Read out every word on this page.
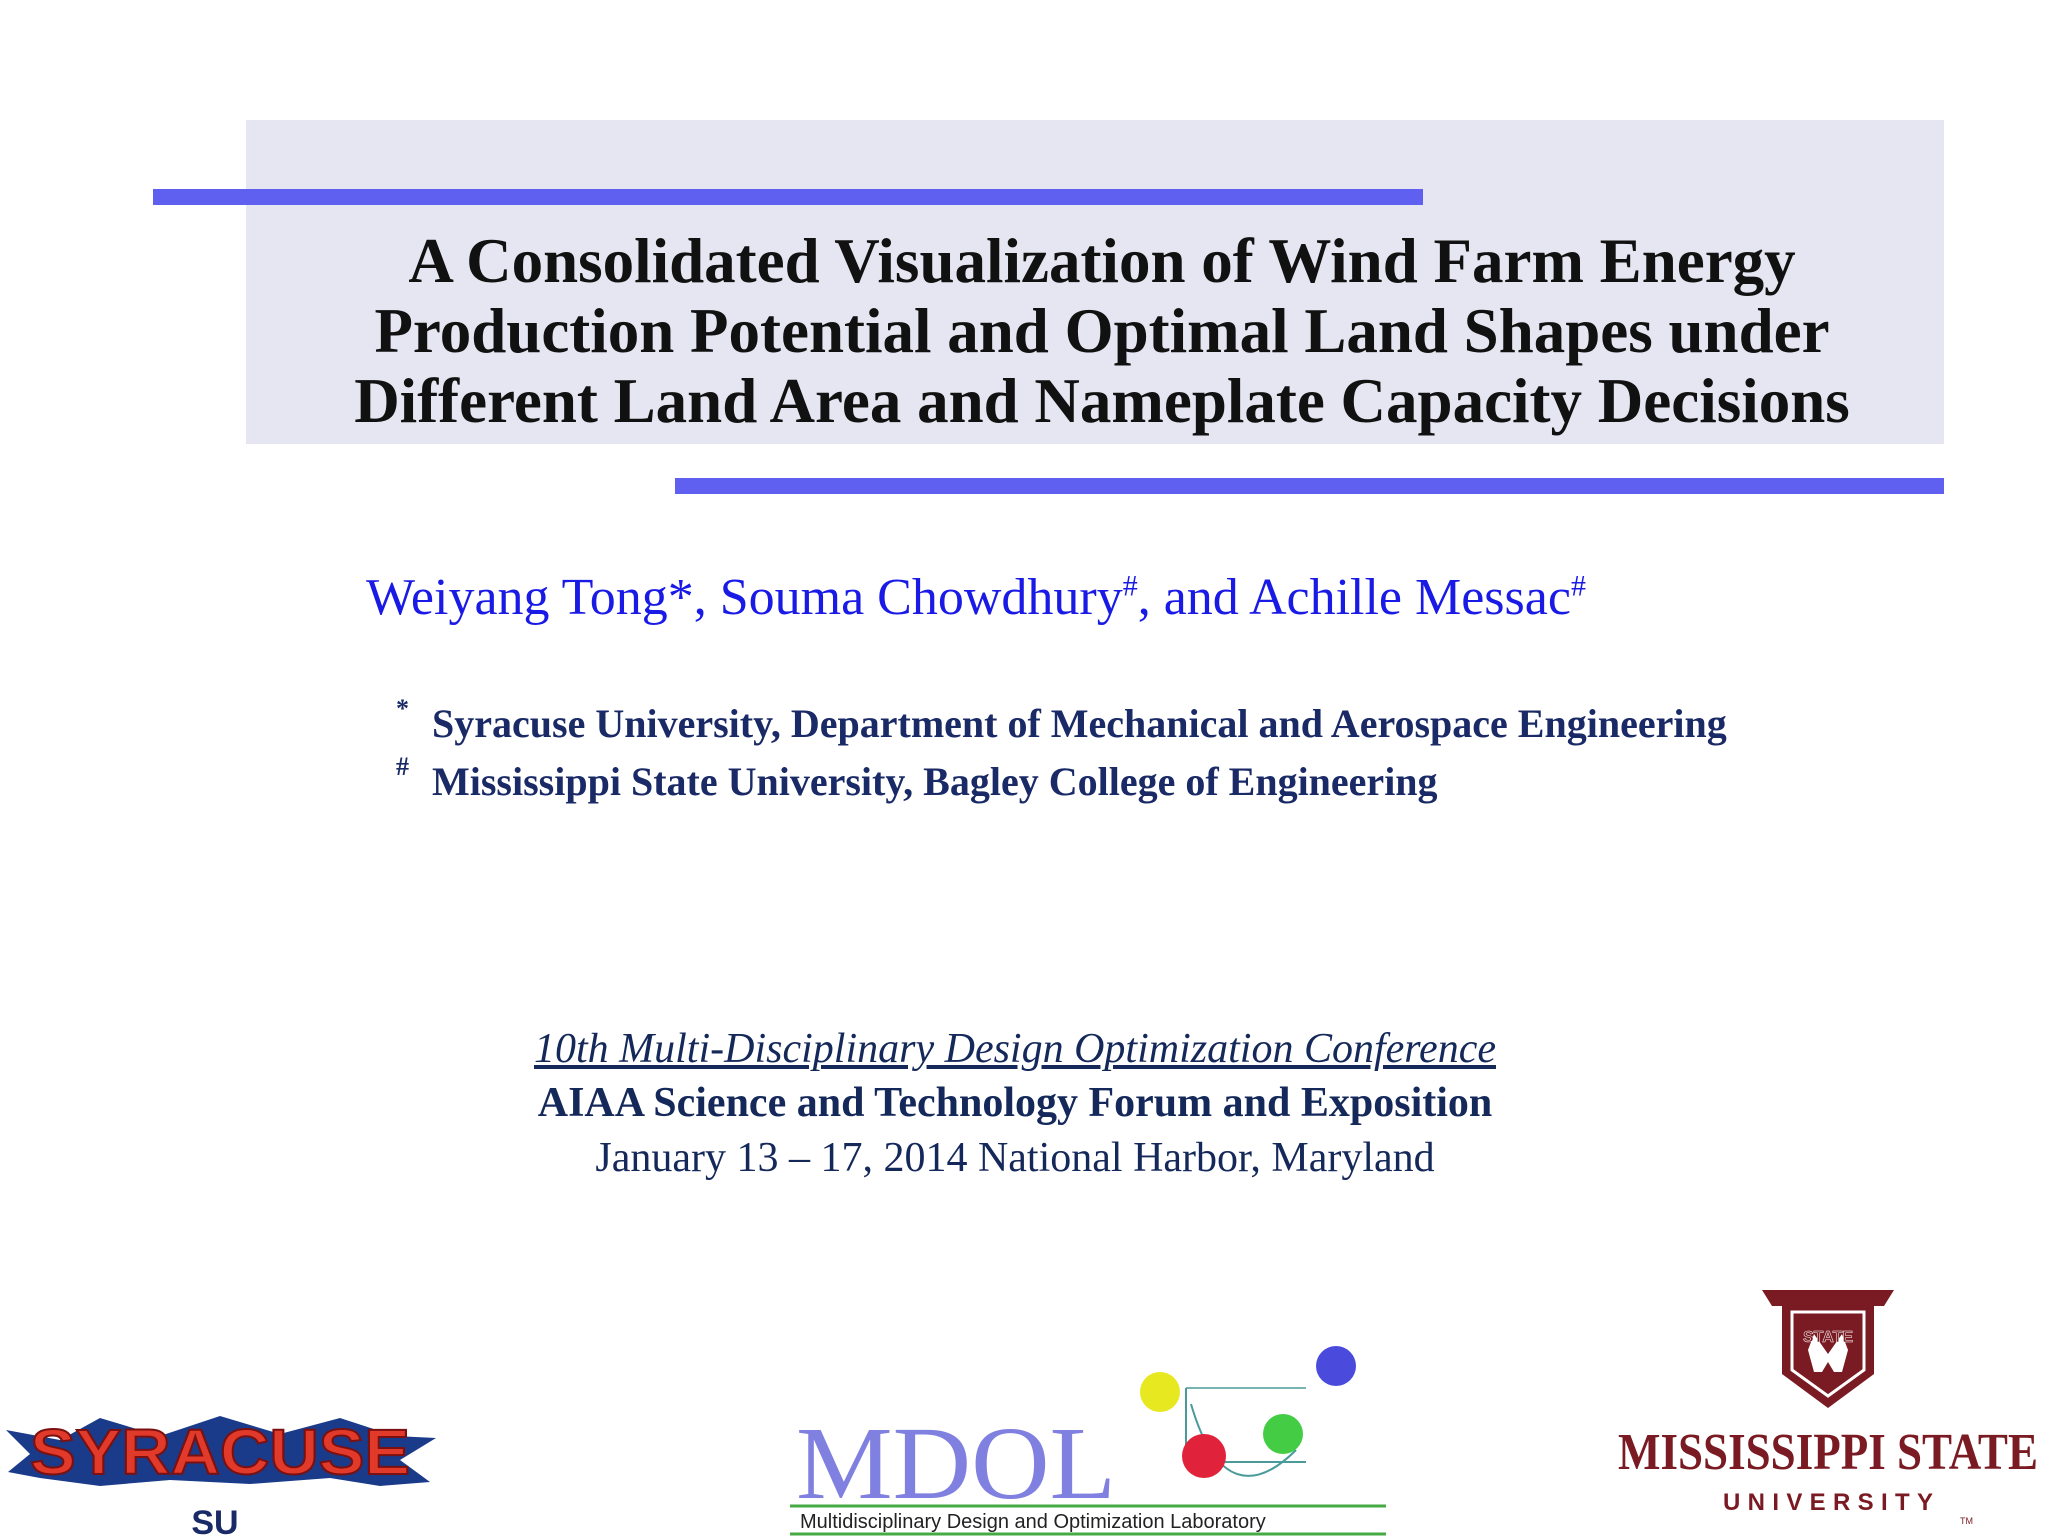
A Consolidated Visualization of Wind Farm Energy
Production Potential and Optimal Land Shapes under
Different Land Area and Nameplate Capacity Decisions
Weiyang Tong*, Souma Chowdhury#, and Achille Messac#
* Syracuse University, Department of Mechanical and Aerospace Engineering
# Mississippi State University, Bagley College of Engineering
10th Multi-Disciplinary Design Optimization Conference
AIAA Science and Technology Forum and Exposition
January 13 – 17, 2014 National Harbor, Maryland
SYRACUSE
UNIVERSITY
SU
MDOL
Multidisciplinary Design and Optimization Laboratory
STATE
MISSISSIPPI STATE
UNIVERSITY
TM
